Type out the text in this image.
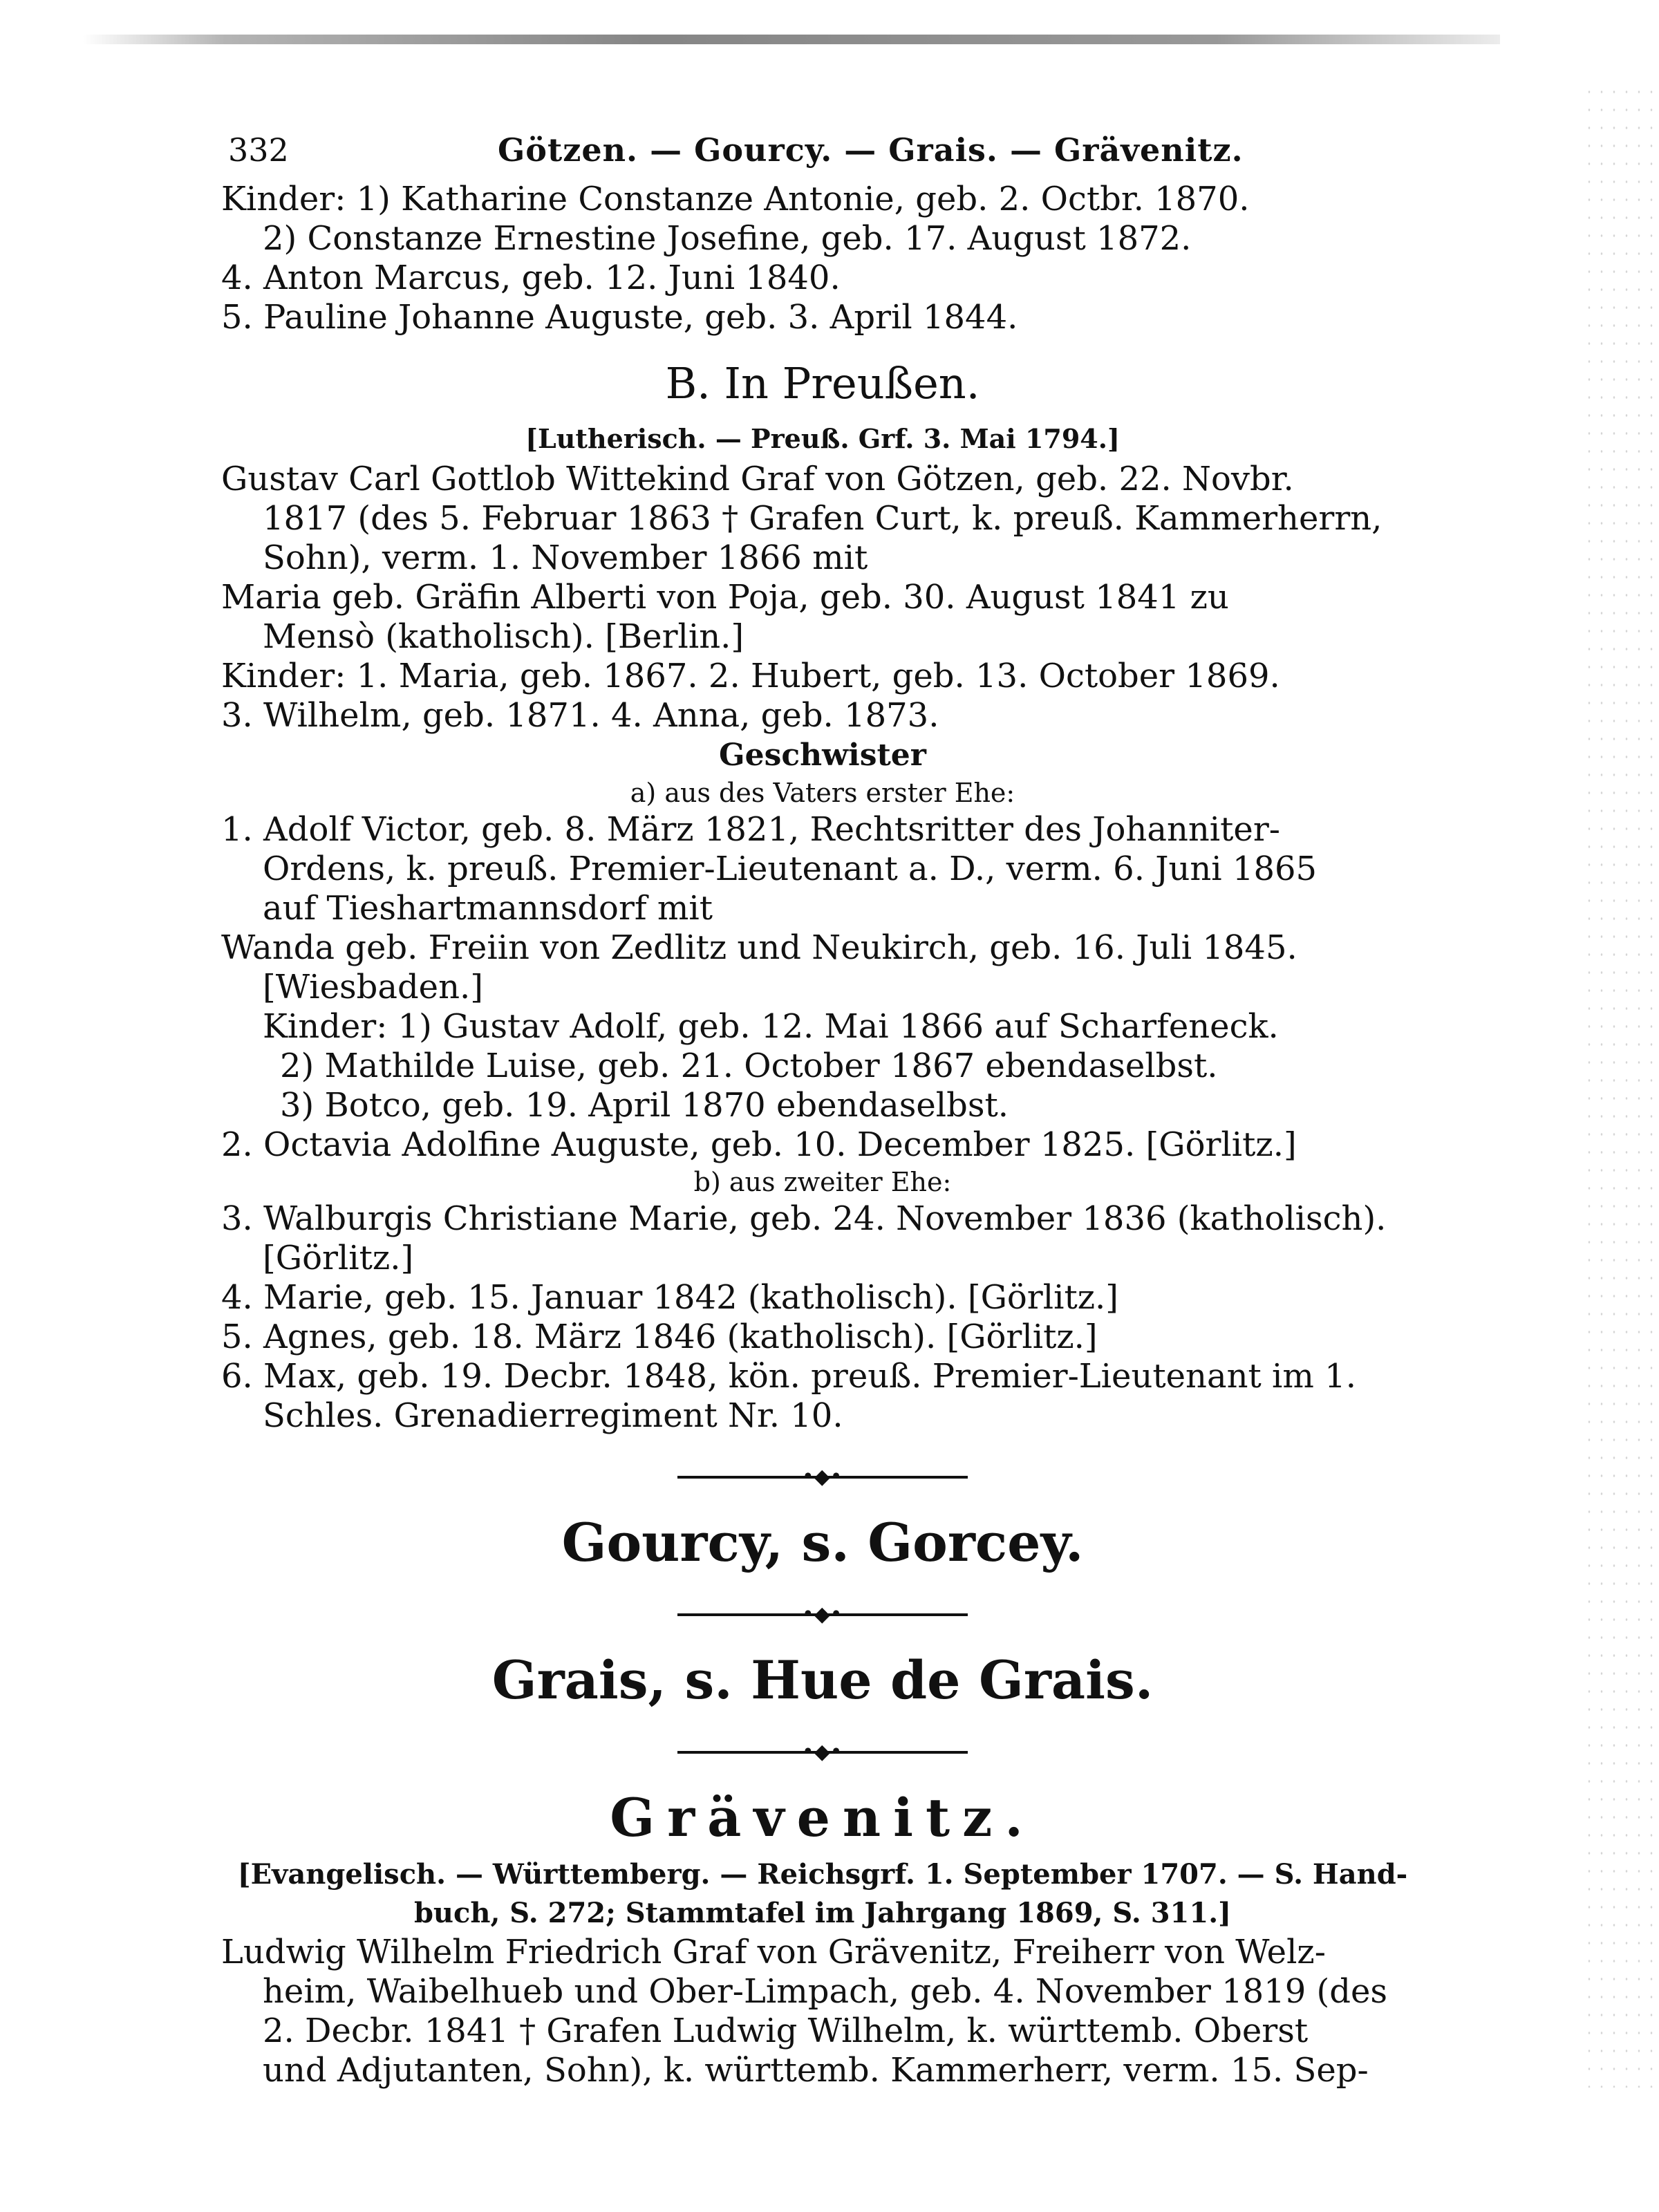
332	Götzen. — Gourcy. — Grais. — Grävenitz.
Kinder: 1) Katharine Constanze Antonie, geb. 2. Octbr. 1870.
2) Constanze Ernestine Josefine, geb. 17. August 1872.
4. Anton Marcus, geb. 12. Juni 1840.
5. Pauline Johanne Auguste, geb. 3. April 1844.
B. In Preußen.
[Lutherisch. — Preuß. Grf. 3. Mai 1794.]
Gustav Carl Gottlob Wittekind Graf von Götzen, geb. 22. Novbr.
1817 (des 5. Februar 1863 † Grafen Curt, k. preuß. Kammerherrn,
Sohn), verm. 1. November 1866 mit
Maria geb. Gräfin Alberti von Poja, geb. 30. August 1841 zu
Mensò (katholisch). [Berlin.]
Kinder: 1. Maria, geb. 1867. 2. Hubert, geb. 13. October 1869.
3. Wilhelm, geb. 1871. 4. Anna, geb. 1873.
Geschwister
a) aus des Vaters erster Ehe:
1. Adolf Victor, geb. 8. März 1821, Rechtsritter des Johanniter-
Ordens, k. preuß. Premier-Lieutenant a. D., verm. 6. Juni 1865
auf Tieshartmannsdorf mit
Wanda geb. Freiin von Zedlitz und Neukirch, geb. 16. Juli 1845.
[Wiesbaden.]
Kinder: 1) Gustav Adolf, geb. 12. Mai 1866 auf Scharfeneck.
2) Mathilde Luise, geb. 21. October 1867 ebendaselbst.
3) Botco, geb. 19. April 1870 ebendaselbst.
2. Octavia Adolfine Auguste, geb. 10. December 1825. [Görlitz.]
b) aus zweiter Ehe:
3. Walburgis Christiane Marie, geb. 24. November 1836 (katholisch).
[Görlitz.]
4. Marie, geb. 15. Januar 1842 (katholisch). [Görlitz.]
5. Agnes, geb. 18. März 1846 (katholisch). [Görlitz.]
6. Max, geb. 19. Decbr. 1848, kön. preuß. Premier-Lieutenant im 1.
Schles. Grenadierregiment Nr. 10.
•◆•
Gourcy, s. Gorcey.
•◆•
Grais, s. Hue de Grais.
•◆•
Grävenitz.
[Evangelisch. — Württemberg. — Reichsgrf. 1. September 1707. — S. Hand-
buch, S. 272; Stammtafel im Jahrgang 1869, S. 311.]
Ludwig Wilhelm Friedrich Graf von Grävenitz, Freiherr von Welz-
heim, Waibelhueb und Ober-Limpach, geb. 4. November 1819 (des
2. Decbr. 1841 † Grafen Ludwig Wilhelm, k. württemb. Oberst
und Adjutanten, Sohn), k. württemb. Kammerherr, verm. 15. Sep-
